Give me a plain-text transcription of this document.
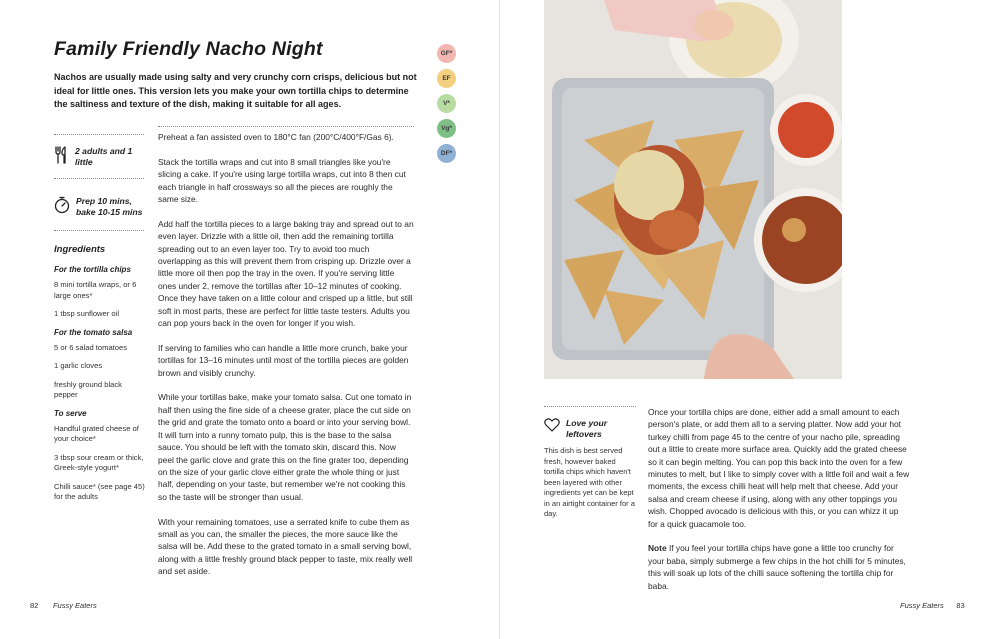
Family Friendly Nacho Night

Nachos are usually made using salty and very crunchy corn crisps, delicious but not ideal for little ones. This version lets you make your own tortilla chips to determine the saltiness and texture of the dish, making it suitable for all ages.

GF*
EF
V*
Vg*
DF*
2 adults and 1 little
Prep 10 mins, bake 10-15 mins
Ingredients
For the tortilla chips
8 mini tortilla wraps, or 6 large ones*
1 tbsp sunflower oil
For the tomato salsa
5 or 6 salad tomatoes
1 garlic cloves
freshly ground black pepper
To serve
Handful grated cheese of your choice*
3 tbsp sour cream or thick, Greek-style yogurt*
Chilli sauce* (see page 45) for the adults

Preheat a fan assisted oven to 180°C fan (200°C/400°F/Gas 6).

Stack the tortilla wraps and cut into 8 small triangles like you're slicing a cake. If you're using large tortilla wraps, cut into 8 then cut each triangle in half crossways so all the pieces are roughly the same size.

Add half the tortilla pieces to a large baking tray and spread out to an even layer. Drizzle with a little oil, then add the remaining tortilla spreading out to an even layer too. Try to avoid too much overlapping as this will prevent them from crisping up. Drizzle over a little more oil then pop the tray in the oven. If you're serving little ones under 2, remove the tortillas after 10–12 minutes of cooking. Once they have taken on a little colour and crisped up a little, but still soft in most parts, these are perfect for little taste testers. Adults you can pop yours back in the oven for longer if you wish.

If serving to families who can handle a little more crunch, bake your tortillas for 13–16 minutes until most of the tortilla pieces are golden brown and visibly crunchy.

While your tortillas bake, make your tomato salsa. Cut one tomato in half then using the fine side of a cheese grater, place the cut side on the grid and grate the tomato onto a board or into your serving bowl. It will turn into a runny tomato pulp, this is the base to the salsa sauce. You should be left with the tomato skin, discard this. Now peel the garlic clove and grate this on the fine grater too, depending on the size of your garlic clove either grate the whole thing or just half, depending on your taste, but remember we're not cooking this so the taste will be stronger than usual.

With your remaining tomatoes, use a serrated knife to cube them as small as you can, the smaller the pieces, the more sauce like the salsa will be. Add these to the grated tomato in a small serving bowl, along with a little freshly ground black pepper to taste, mix really well and set aside.

82 Fussy Eaters
Love your leftovers

This dish is best served fresh, however baked tortilla chips which haven't been layered with other ingredients yet can be kept in an airtight container for a day.

Once your tortilla chips are done, either add a small amount to each person's plate, or add them all to a serving platter. Now add your hot turkey chilli from page 45 to the centre of your nacho pile, spreading out a little to create more surface area. Quickly add the grated cheese so it can begin melting. You can pop this back into the oven for a few minutes to melt, but I like to simply cover with a little foil and wait a few moments, the excess chilli heat will help melt that cheese. Add your salsa and cream cheese if using, along with any other toppings you wish. Chopped avocado is delicious with this, or you can whizz it up for a quick guacamole too.

Note If you feel your tortilla chips have gone a little too crunchy for your baba, simply submerge a few chips in the hot chilli for 5 minutes, this will soak up lots of the chilli sauce softening the tortilla chip for baba.

Fussy Eaters 83
